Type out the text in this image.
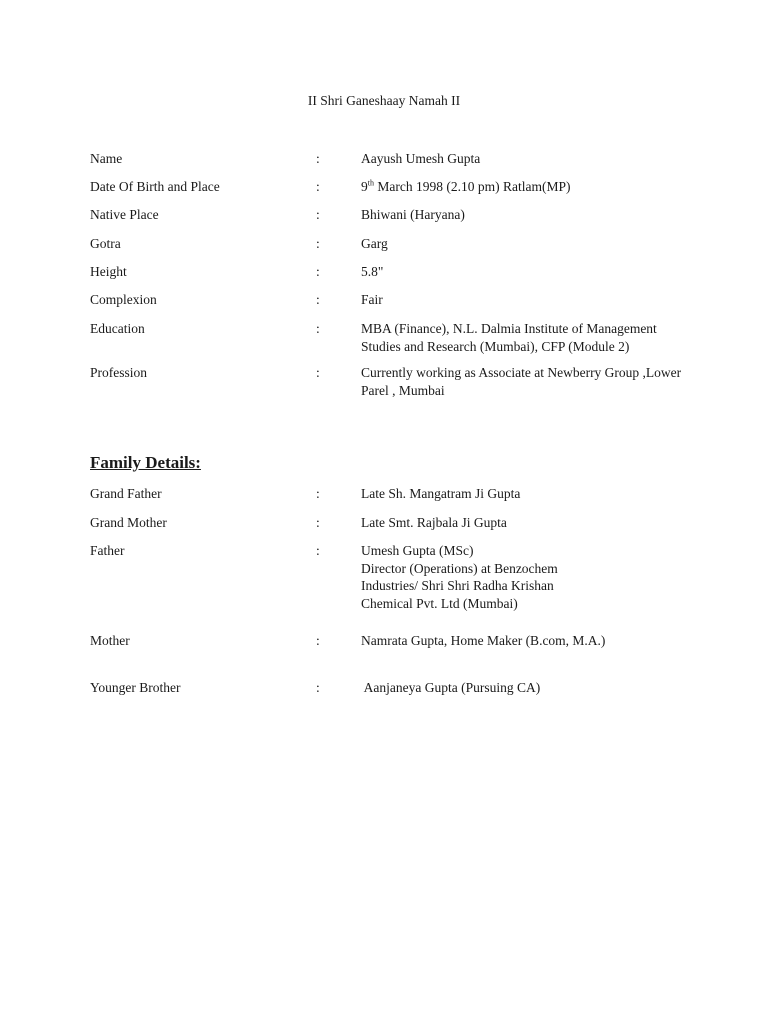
II Shri Ganeshaay Namah II
Name	:	Aayush Umesh Gupta
Date Of Birth and Place	:	9th March 1998 (2.10 pm) Ratlam(MP)
Native Place	:	Bhiwani (Haryana)
Gotra	:	Garg
Height	:	5.8"
Complexion	:	Fair
Education	:	MBA (Finance), N.L. Dalmia Institute of Management
Studies and Research (Mumbai), CFP (Module 2)
Profession	:	Currently working as Associate at Newberry Group ,Lower
Parel , Mumbai
Family Details:
Grand Father	:	Late Sh. Mangatram Ji Gupta
Grand Mother	:	Late Smt. Rajbala Ji Gupta
Father	:	Umesh Gupta (MSc)
Director (Operations) at Benzochem
Industries/ Shri Shri Radha Krishan
Chemical Pvt. Ltd (Mumbai)
Mother	:	Namrata Gupta, Home Maker (B.com, M.A.)
Younger Brother	:	Aanjaneya Gupta (Pursuing CA)
